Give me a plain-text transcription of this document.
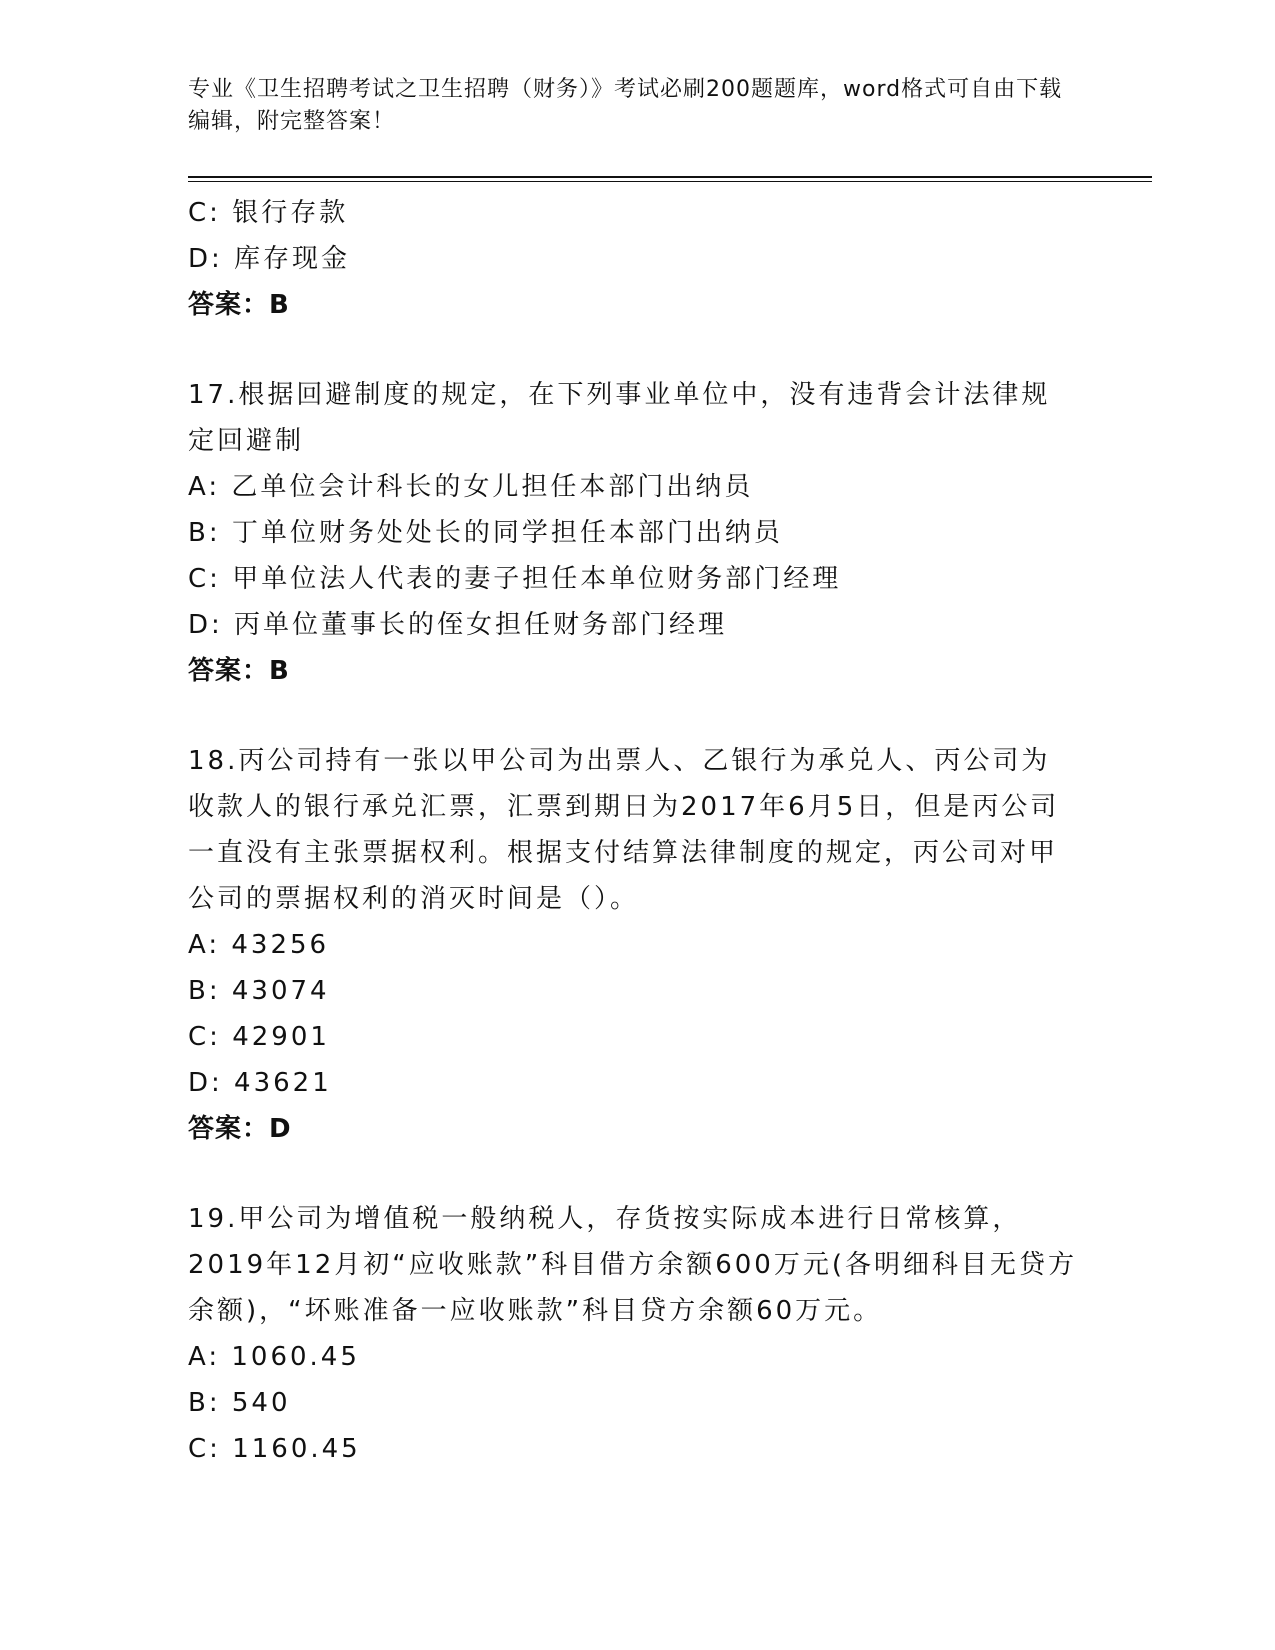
专业《卫生招聘考试之卫生招聘（财务）》考试必刷200题题库，word格式可自由下载编辑，附完整答案！
C: 银行存款
D: 库存现金
答案：B
17.根据回避制度的规定，在下列事业单位中，没有违背会计法律规定回避制
A: 乙单位会计科长的女儿担任本部门出纳员
B: 丁单位财务处处长的同学担任本部门出纳员
C: 甲单位法人代表的妻子担任本单位财务部门经理
D: 丙单位董事长的侄女担任财务部门经理
答案：B
18.丙公司持有一张以甲公司为出票人、乙银行为承兑人、丙公司为收款人的银行承兑汇票，汇票到期日为2017年6月5日，但是丙公司一直没有主张票据权利。根据支付结算法律制度的规定，丙公司对甲公司的票据权利的消灭时间是（）。
A: 43256
B: 43074
C: 42901
D: 43621
答案：D
19.甲公司为增值税一般纳税人，存货按实际成本进行日常核算，2019年12月初“应收账款”科目借方余额600万元(各明细科目无贷方余额)，“坏账准备一应收账款”科目贷方余额60万元。
A: 1060.45
B: 540
C: 1160.45
